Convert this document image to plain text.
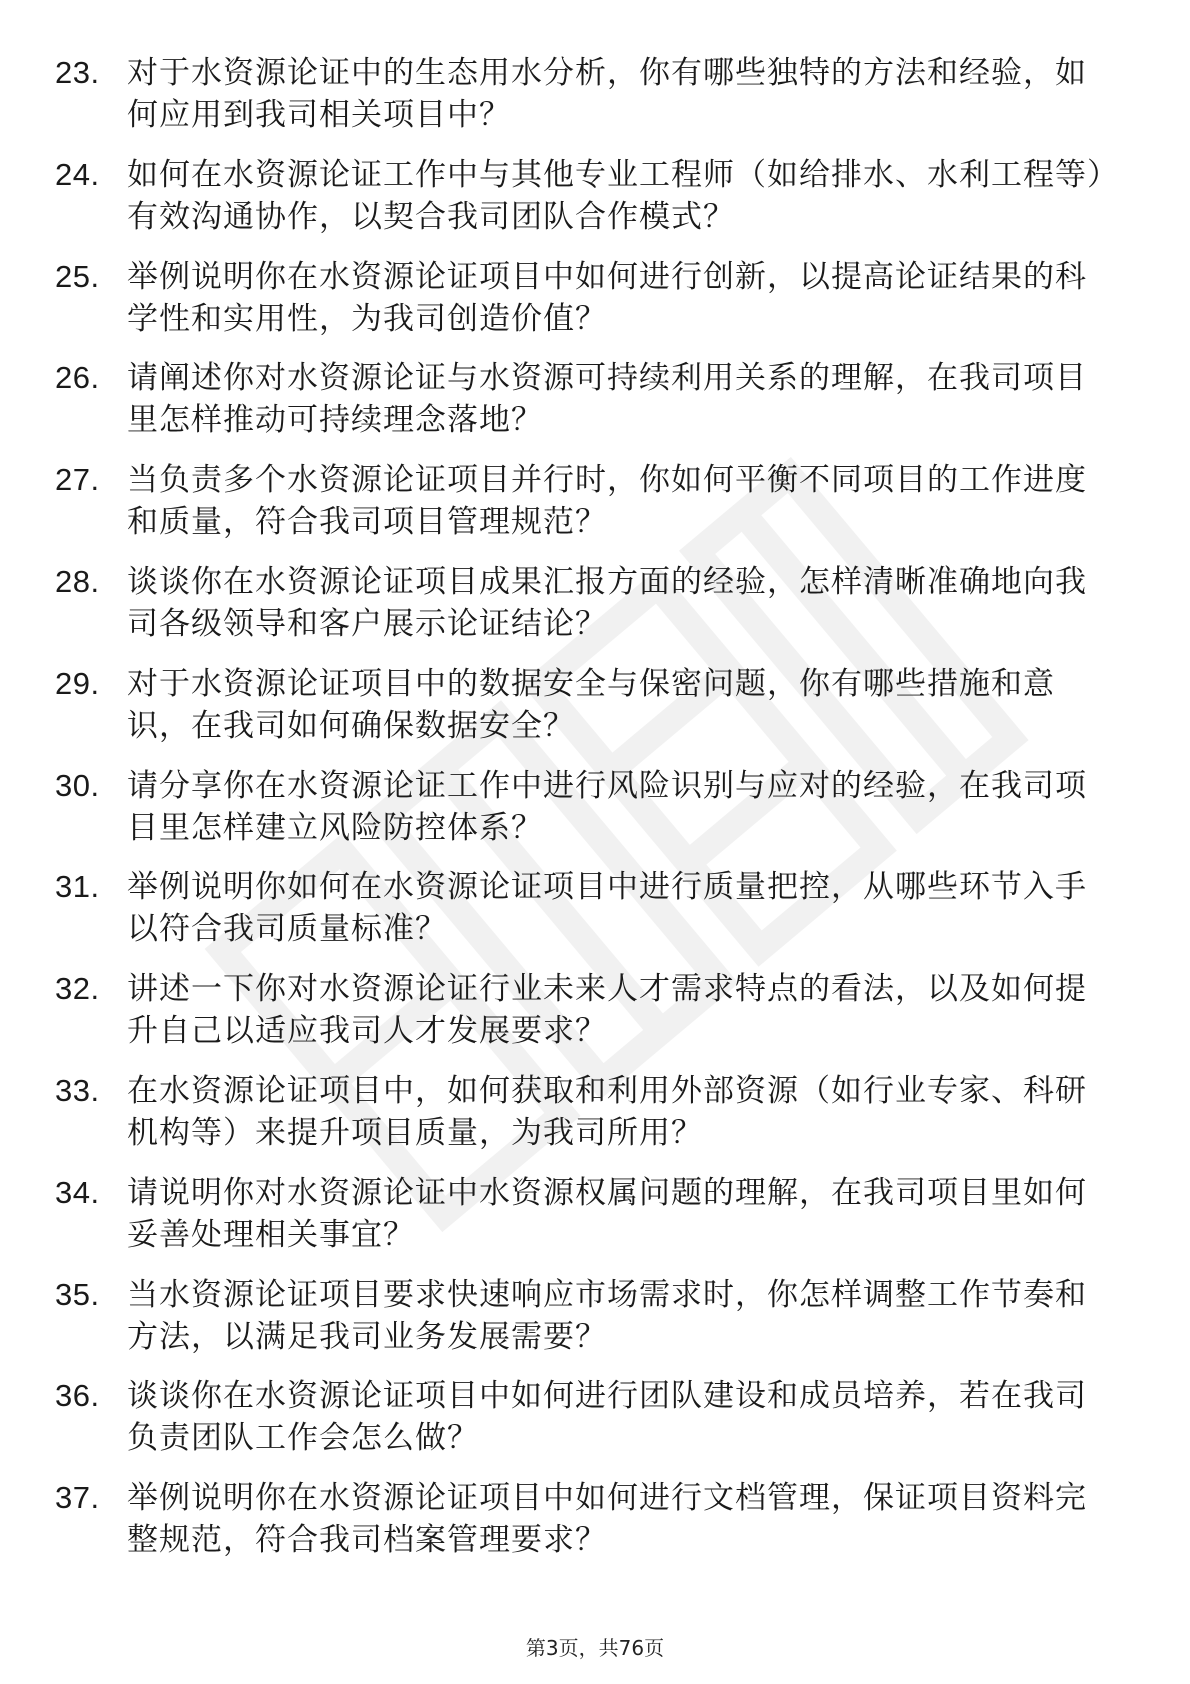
23. 对于水资源论证中的生态用水分析，你有哪些独特的方法和经验，如何应用到我司相关项目中？
24. 如何在水资源论证工作中与其他专业工程师（如给排水、水利工程等）有效沟通协作，以契合我司团队合作模式？
25. 举例说明你在水资源论证项目中如何进行创新，以提高论证结果的科学性和实用性，为我司创造价值？
26. 请阐述你对水资源论证与水资源可持续利用关系的理解，在我司项目里怎样推动可持续理念落地？
27. 当负责多个水资源论证项目并行时，你如何平衡不同项目的工作进度和质量，符合我司项目管理规范？
28. 谈谈你在水资源论证项目成果汇报方面的经验，怎样清晰准确地向我司各级领导和客户展示论证结论？
29. 对于水资源论证项目中的数据安全与保密问题，你有哪些措施和意识，在我司如何确保数据安全？
30. 请分享你在水资源论证工作中进行风险识别与应对的经验，在我司项目里怎样建立风险防控体系？
31. 举例说明你如何在水资源论证项目中进行质量把控，从哪些环节入手以符合我司质量标准？
32. 讲述一下你对水资源论证行业未来人才需求特点的看法，以及如何提升自己以适应我司人才发展要求？
33. 在水资源论证项目中，如何获取和利用外部资源（如行业专家、科研机构等）来提升项目质量，为我司所用？
34. 请说明你对水资源论证中水资源权属问题的理解，在我司项目里如何妥善处理相关事宜？
35. 当水资源论证项目要求快速响应市场需求时，你怎样调整工作节奏和方法，以满足我司业务发展需要？
36. 谈谈你在水资源论证项目中如何进行团队建设和成员培养，若在我司负责团队工作会怎么做？
37. 举例说明你在水资源论证项目中如何进行文档管理，保证项目资料完整规范，符合我司档案管理要求？
第3页，共76页
